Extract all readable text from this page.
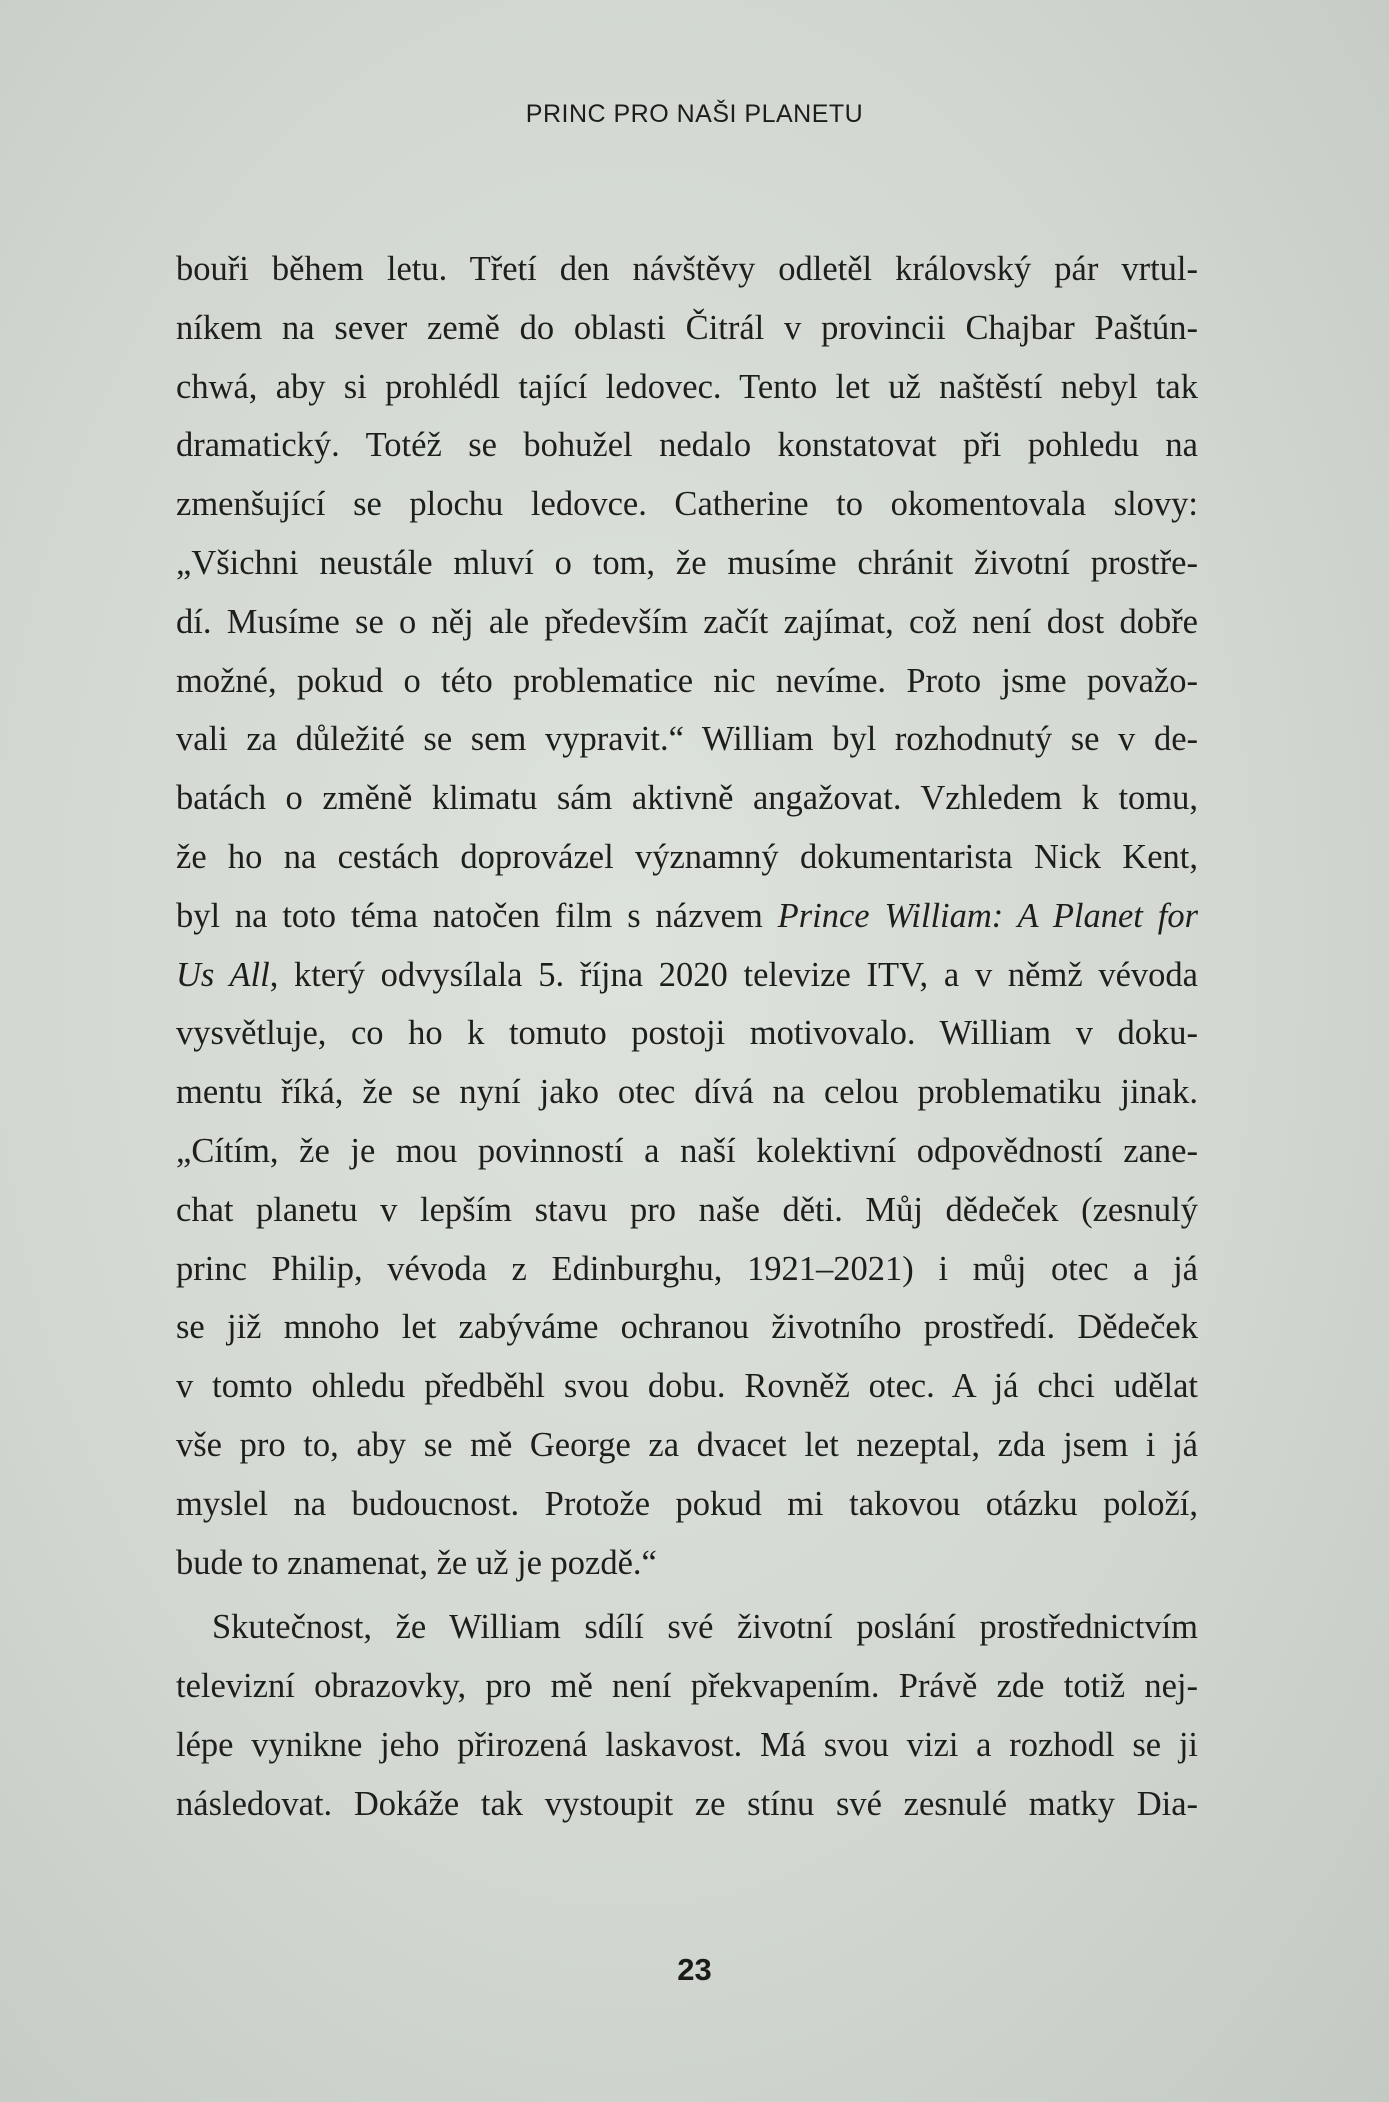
PRINC PRO NAŠI PLANETU
bouři během letu. Třetí den návštěvy odletěl královský pár vrtul-
níkem na sever země do oblasti Čitrál v provincii Chajbar Paštún-
chwá, aby si prohlédl tající ledovec. Tento let už naštěstí nebyl tak
dramatický. Totéž se bohužel nedalo konstatovat při pohledu na
zmenšující se plochu ledovce. Catherine to okomentovala slovy:
„Všichni neustále mluví o tom, že musíme chránit životní prostře-
dí. Musíme se o něj ale především začít zajímat, což není dost dobře
možné, pokud o této problematice nic nevíme. Proto jsme považo-
vali za důležité se sem vypravit.“ William byl rozhodnutý se v de-
batách o změně klimatu sám aktivně angažovat. Vzhledem k tomu,
že ho na cestách doprovázel významný dokumentarista Nick Kent,
byl na toto téma natočen film s názvem Prince William: A Planet for
Us All, který odvysílala 5. října 2020 televize ITV, a v němž vévoda
vysvětluje, co ho k tomuto postoji motivovalo. William v doku-
mentu říká, že se nyní jako otec dívá na celou problematiku jinak.
„Cítím, že je mou povinností a naší kolektivní odpovědností zane-
chat planetu v lepším stavu pro naše děti. Můj dědeček (zesnulý
princ Philip, vévoda z Edinburghu, 1921–2021) i můj otec a já
se již mnoho let zabýváme ochranou životního prostředí. Dědeček
v tomto ohledu předběhl svou dobu. Rovněž otec. A já chci udělat
vše pro to, aby se mě George za dvacet let nezeptal, zda jsem i já
myslel na budoucnost. Protože pokud mi takovou otázku položí,
bude to znamenat, že už je pozdě.“
Skutečnost, že William sdílí své životní poslání prostřednictvím
televizní obrazovky, pro mě není překvapením. Právě zde totiž nej-
lépe vynikne jeho přirozená laskavost. Má svou vizi a rozhodl se ji
následovat. Dokáže tak vystoupit ze stínu své zesnulé matky Dia-
23
